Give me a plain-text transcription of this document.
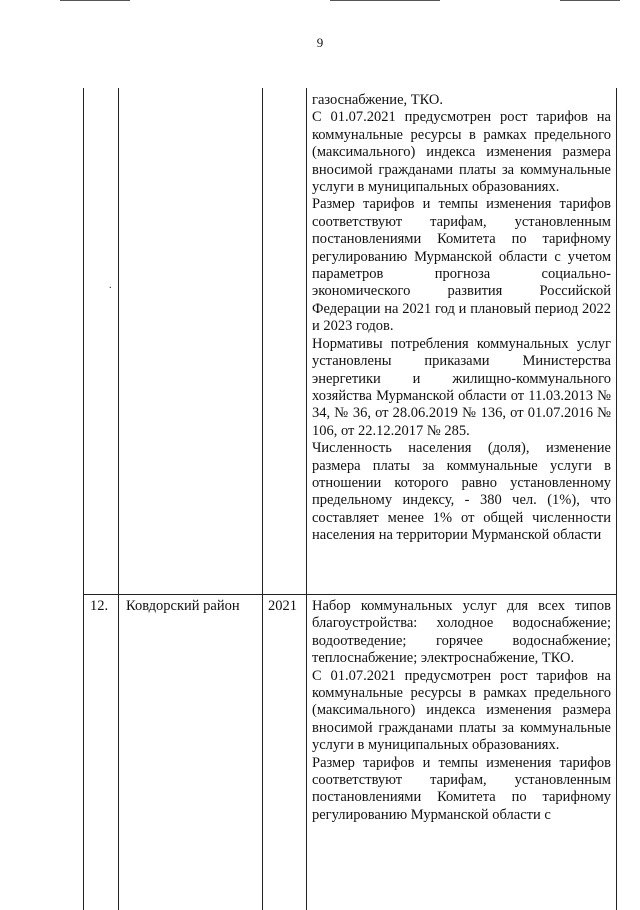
9
.

газоснабжение, ТКО.

С 01.07.2021 предусмотрен рост тарифов на коммунальные ресурсы в рамках предельного (максимального) индекса изменения размера вносимой гражданами платы за коммунальные услуги в муниципальных образованиях.

Размер тарифов и темпы изменения тарифов соответствуют тарифам, установленным постановлениями Комитета по тарифному регулированию Мурманской области с учетом параметров прогноза социально-экономического развития Российской Федерации на 2021 год и плановый период 2022 и 2023 годов.

Нормативы потребления коммунальных услуг установлены приказами Министерства энергетики и жилищно-коммунального хозяйства Мурманской области от 11.03.2013 № 34, № 36, от 28.06.2019 № 136, от 01.07.2016 № 106, от 22.12.2017 № 285.

Численность населения (доля), изменение размера платы за коммунальные услуги в отношении которого равно установленному предельному индексу, - 380 чел. (1%), что составляет менее 1% от общей численности населения на территории Мурманской области

12. Ковдорский район 2021 Набор коммунальных услуг для всех типов благоустройства: холодное водоснабжение; водоотведение; горячее водоснабжение; теплоснабжение; электроснабжение, ТКО.

С 01.07.2021 предусмотрен рост тарифов на коммунальные ресурсы в рамках предельного (максимального) индекса изменения размера вносимой гражданами платы за коммунальные услуги в муниципальных образованиях.

Размер тарифов и темпы изменения тарифов соответствуют тарифам, установленным постановлениями Комитета по тарифному регулированию Мурманской области с
